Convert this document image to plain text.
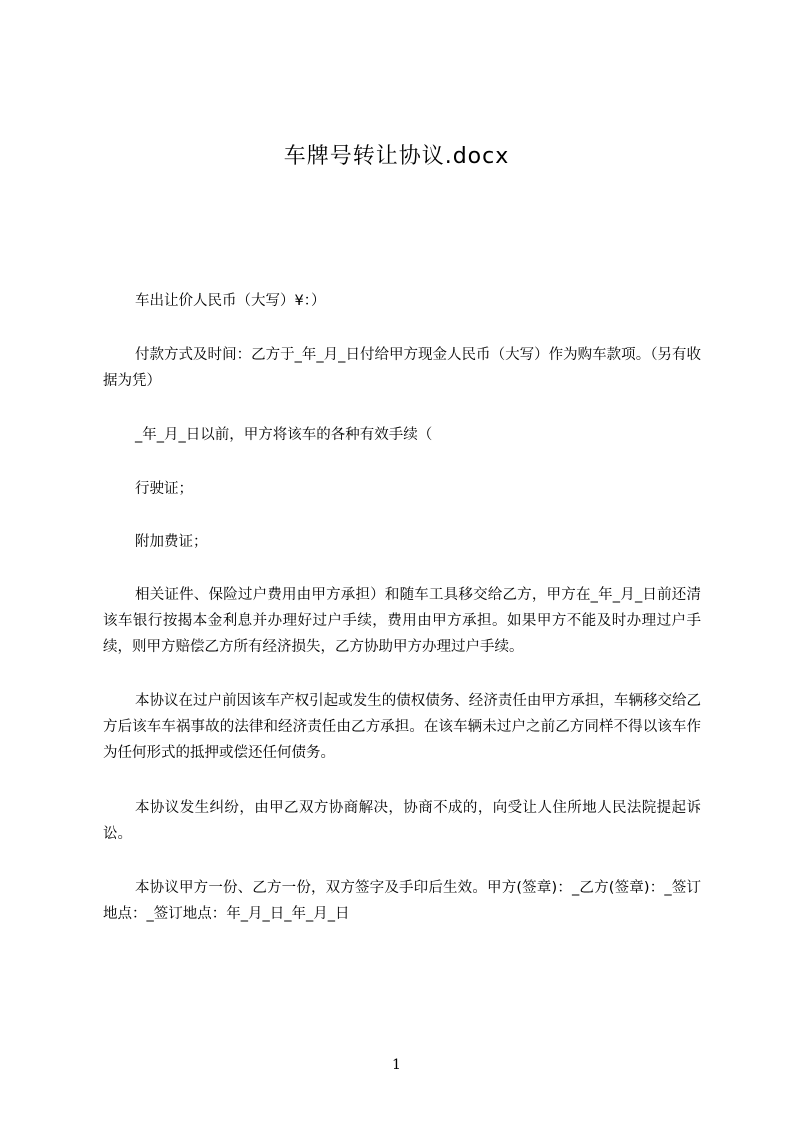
车牌号转让协议.docx

车出让价人民币（大写）¥：）

付款方式及时间：乙方于_年_月_日付给甲方现金人民币（大写）作为购车款项。（另有收据为凭）

_年_月_日以前，甲方将该车的各种有效手续（

行驶证；

附加费证；

相关证件、保险过户费用由甲方承担）和随车工具移交给乙方，甲方在_年_月_日前还清该车银行按揭本金利息并办理好过户手续，费用由甲方承担。如果甲方不能及时办理过户手续，则甲方赔偿乙方所有经济损失，乙方协助甲方办理过户手续。

本协议在过户前因该车产权引起或发生的债权债务、经济责任由甲方承担，车辆移交给乙方后该车车祸事故的法律和经济责任由乙方承担。在该车辆未过户之前乙方同样不得以该车作为任何形式的抵押或偿还任何债务。

本协议发生纠纷，由甲乙双方协商解决，协商不成的，向受让人住所地人民法院提起诉讼。

本协议甲方一份、乙方一份，双方签字及手印后生效。甲方(签章)：_乙方(签章)：_签订地点：_签订地点：年_月_日_年_月_日

1
